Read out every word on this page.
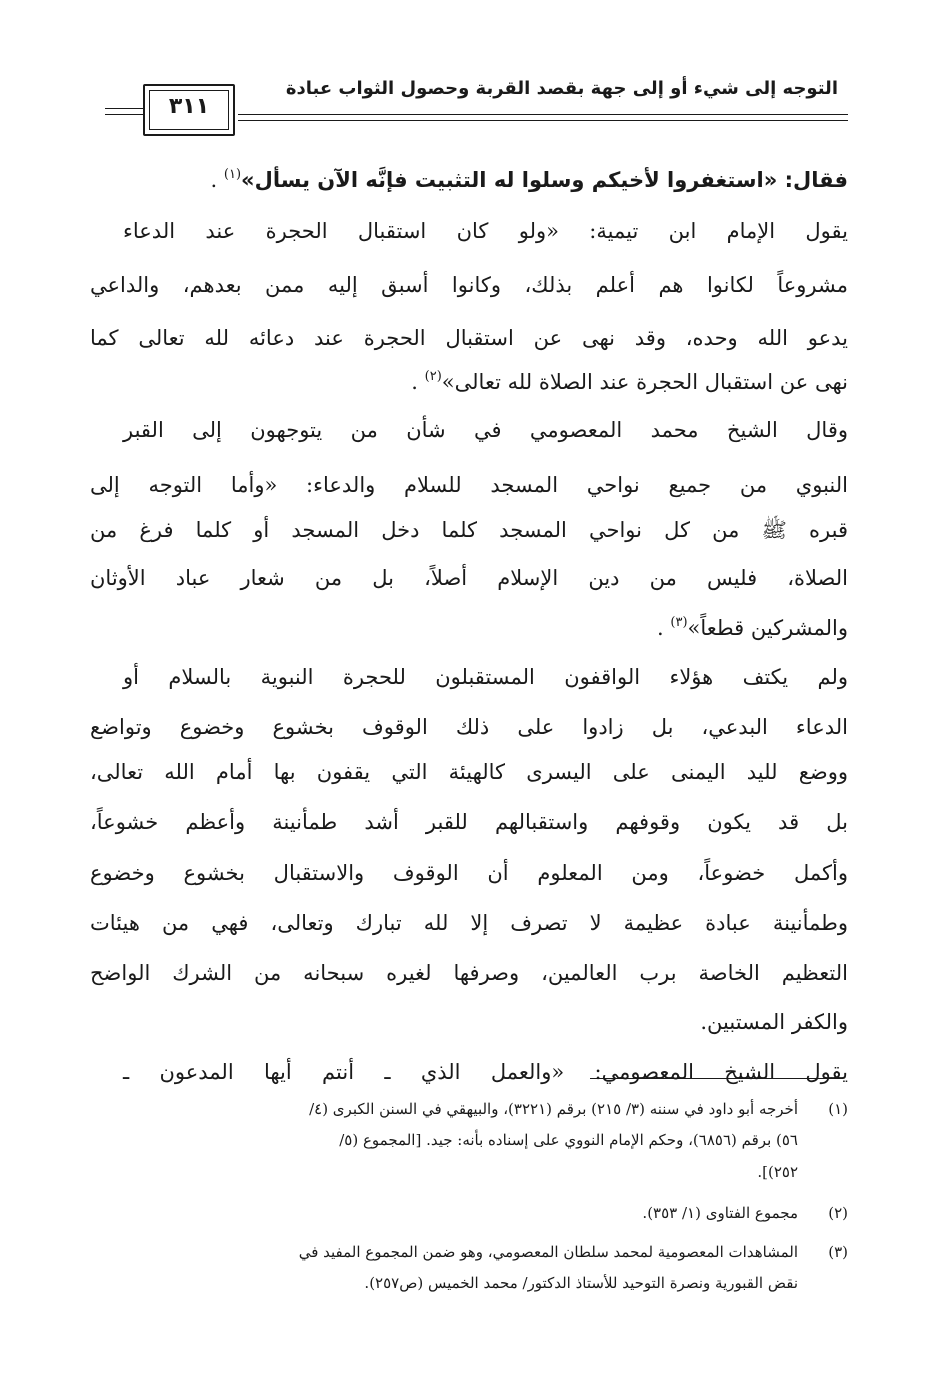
التوجه إلى شيء أو إلى جهة بقصد القربة وحصول الثواب عبادة
٣١١
فقال: «استغفروا لأخيكم وسلوا له التثبيت فإنَّه الآن يسأل»$^{(١)}$ .
يقول الإمام ابن تيمية: «ولو كان استقبال الحجرة عند الدعاء
مشروعاً لكانوا هم أعلم بذلك، وكانوا أسبق إليه ممن بعدهم، والداعي
يدعو الله وحده، وقد نهى عن استقبال الحجرة عند دعائه لله تعالى كما
نهى عن استقبال الحجرة عند الصلاة لله تعالى»$^{(٢)}$ .
وقال الشيخ محمد المعصومي في شأن من يتوجهون إلى القبر
النبوي من جميع نواحي المسجد للسلام والدعاء: «وأما التوجه إلى
قبره ﷺ من كل نواحي المسجد كلما دخل المسجد أو كلما فرغ من
الصلاة، فليس من دين الإسلام أصلاً، بل من شعار عباد الأوثان
والمشركين قطعاً»$^{(٣)}$ .
ولم يكتف هؤلاء الواقفون المستقبلون للحجرة النبوية بالسلام أو
الدعاء البدعي، بل زادوا على ذلك الوقوف بخشوع وخضوع وتواضع
ووضع لليد اليمنى على اليسرى كالهيئة التي يقفون بها أمام الله تعالى،
بل قد يكون وقوفهم واستقبالهم للقبر أشد طمأنينة وأعظم خشوعاً،
وأكمل خضوعاً، ومن المعلوم أن الوقوف والاستقبال بخشوع وخضوع
وطمأنينة عبادة عظيمة لا تصرف إلا لله تبارك وتعالى، فهي من هيئات
التعظيم الخاصة برب العالمين، وصرفها لغيره سبحانه من الشرك الواضح
والكفر المستبين.
يقول الشيخ المعصومي: «والعمل الذي ـ أنتم أيها المدعون ـ
(١)أخرجه أبو داود في سننه (٣/ ٢١٥) برقم (٣٢٢١)، والبيهقي في السنن الكبرى (٤/
٥٦) برقم (٦٨٥٦)، وحكم الإمام النووي على إسناده بأنه: جيد. [المجموع (٥/
٢٥٢)].
(٢)مجموع الفتاوى (١/ ٣٥٣).
(٣)المشاهدات المعصومية لمحمد سلطان المعصومي، وهو ضمن المجموع المفيد في
نقض القبورية ونصرة التوحيد للأستاذ الدكتور/ محمد الخميس (ص٢٥٧).
